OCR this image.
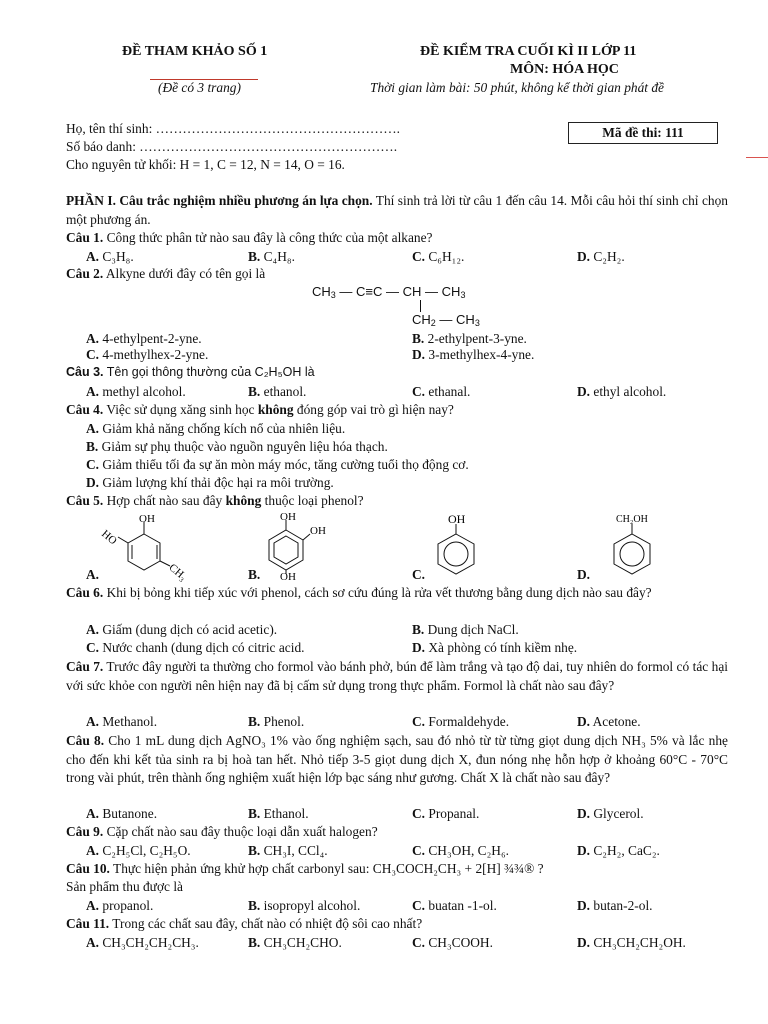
ĐỀ THAM KHẢO SỐ 1
(Đề có 3 trang)
ĐỀ KIỂM TRA CUỐI KÌ II LỚP 11
MÔN: HÓA HỌC
Thời gian làm bài: 50 phút, không kể thời gian phát đề
Họ, tên thí sinh: ……………………………………………….
Số báo danh: ………………………………………………….
Cho nguyên tử khối: H = 1, C = 12, N = 14, O = 16.
Mã đề thi: 111
PHẦN I. Câu trắc nghiệm nhiều phương án lựa chọn. Thí sinh trả lời từ câu 1 đến câu 14. Mỗi câu hỏi thí sinh chỉ chọn một phương án.
Câu 1. Công thức phân tử nào sau đây là công thức của một alkane?
A. C₃H₈.	B. C₄H₈.	C. C₆H₁₂.	D. C₂H₂.
Câu 2. Alkyne dưới đây có tên gọi là
$CH_3$ — C≡C — CH — $CH_3$
$CH_2$ — $CH_3$
A. 4-ethylpent-2-yne.	B. 2-ethylpent-3-yne.
C. 4-methylhex-2-yne.	D. 3-methylhex-4-yne.
Câu 3. Tên gọi thông thường của C₂H₅OH là
A. methyl alcohol.	B. ethanol.	C. ethanal.	D. ethyl alcohol.
Câu 4. Việc sử dụng xăng sinh học không đóng góp vai trò gì hiện nay?
A. Giảm khả năng chống kích nổ của nhiên liệu.
B. Giảm sự phụ thuộc vào nguồn nguyên liệu hóa thạch.
C. Giảm thiểu tối đa sự ăn mòn máy móc, tăng cường tuổi thọ động cơ.
D. Giảm lượng khí thải độc hại ra môi trường.
Câu 5. Hợp chất nào sau đây không thuộc loại phenol?
OH
HO
CH₃
OH
OH
OH
OH	CH₂OH
A.	B.	C.	D.
Câu 6. Khi bị bỏng khi tiếp xúc với phenol, cách sơ cứu đúng là rửa vết thương bằng dung dịch nào sau đây?
A. Giấm (dung dịch có acid acetic).	B. Dung dịch NaCl.
C. Nước chanh (dung dịch có citric acid.	D. Xà phòng có tính kiềm nhẹ.
Câu 7. Trước đây người ta thường cho formol vào bánh phở, bún để làm trắng và tạo độ dai, tuy nhiên do formol có tác hại với sức khỏe con người nên hiện nay đã bị cấm sử dụng trong thực phẩm. Formol là chất nào sau đây?
A. Methanol.	B. Phenol.	C. Formaldehyde.	D. Acetone.
Câu 8. Cho 1 mL dung dịch AgNO₃ 1% vào ống nghiệm sạch, sau đó nhỏ từ từ từng giọt dung dịch NH₃ 5% và lắc nhẹ cho đến khi kết tủa sinh ra bị hoà tan hết. Nhỏ tiếp 3-5 giọt dung dịch X, đun nóng nhẹ hỗn hợp ở khoảng 60°C - 70°C trong vài phút, trên thành ống nghiệm xuất hiện lớp bạc sáng như gương. Chất X là chất nào sau đây?
A. Butanone.	B. Ethanol.	C. Propanal.	D. Glycerol.
Câu 9. Cặp chất nào sau đây thuộc loại dẫn xuất halogen?
A. C₂H₅Cl, C₂H₅O.	B. CH₃I, CCl₄.	C. CH₃OH, C₂H₆.	D. C₂H₂, CaC₂.
Câu 10. Thực hiện phản ứng khử hợp chất carbonyl sau: CH₃COCH₂CH₃ + 2[H] ¾¾® ?
Sản phẩm thu được là
A. propanol.	B. isopropyl alcohol.	C. buatan -1-ol.	D. butan-2-ol.
Câu 11. Trong các chất sau đây, chất nào có nhiệt độ sôi cao nhất?
A. CH₃CH₂CH₂CH₃.	B. CH₃CH₂CHO.	C. CH₃COOH.	D. CH₃CH₂CH₂OH.
